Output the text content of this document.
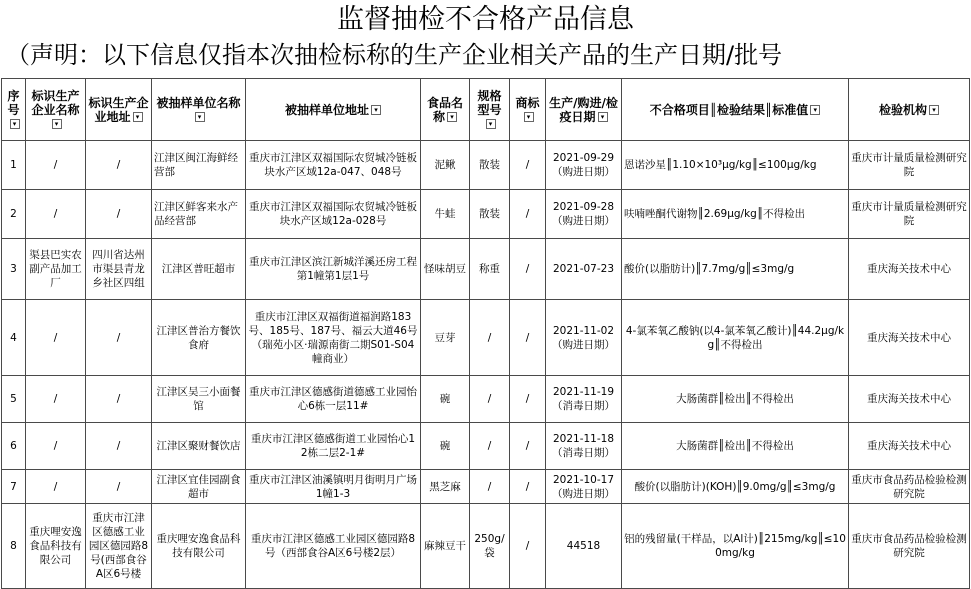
监督抽检不合格产品信息
（声明：以下信息仅指本次抽检标称的生产企业相关产品的生产日期/批号
序号▾	标识生产企业名称▾	标识生产企业地址 ▾	被抽样单位名称▾	被抽样单位地址 ▾	食品名称 ▾	规格型号▾	商标▾	生产/购进/检疫日期 ▾	不合格项目║检验结果║标准值 ▾	检验机构 ▾
1	/	/	江津区闽江海鲜经营部	重庆市江津区双福国际农贸城冷链板块水产区域12a-047、048号	泥鳅	散装	/	2021-09-29（购进日期）	恩诺沙星║1.10×10³μg/kg║≤100μg/kg	重庆市计量质量检测研究院
2	/	/	江津区鲜客来水产品经营部	重庆市江津区双福国际农贸城冷链板块水产区域12a-028号	牛蛙	散装	/	2021-09-28（购进日期）	呋喃唑酮代谢物║2.69μg/kg║不得检出	重庆市计量质量检测研究院
3	渠县巴实农副产品加工厂	四川省达州市渠县青龙乡社区四组	江津区普旺超市	重庆市江津区滨江新城洋溪还房工程第1幢第1层1号	怪味胡豆	称重	/	2021-07-23	酸价(以脂肪计)║7.7mg/g║≤3mg/g	重庆海关技术中心
4	/	/	江津区普治方餐饮食府	重庆市江津区双福街道福润路183号、185号、187号、福云大道46号（瑞苑小区·瑞源南街二期S01-S04幢商业）	豆芽	/	/	2021-11-02（购进日期）	4-氯苯氧乙酸钠(以4-氯苯氧乙酸计)║44.2μg/kg║不得检出	重庆海关技术中心
5	/	/	江津区吴三小面餐馆	重庆市江津区德感街道德感工业园怡心6栋一层11#	碗	/	/	2021-11-19（消毒日期）	大肠菌群║检出║不得检出	重庆海关技术中心
6	/	/	江津区聚财餐饮店	重庆市江津区德感街道工业园怡心12栋二层2-1#	碗	/	/	2021-11-18（消毒日期）	大肠菌群║检出║不得检出	重庆海关技术中心
7	/	/	江津区宜佳园副食超市	重庆市江津区油溪镇明月街明月广场1幢1-3	黑芝麻	/	/	2021-10-17（购进日期）	酸价(以脂肪计)(KOH)║9.0mg/g║≤3mg/g	重庆市食品药品检验检测研究院
8	重庆哩安逸食品科技有限公司	重庆市江津区德感工业园区德园路8号(西部食谷A区6号楼	重庆哩安逸食品科技有限公司	重庆市江津区德感工业园区德园路8号（西部食谷A区6号楼2层）	麻辣豆干	250g/袋	/	44518	铝的残留量(干样品，以Al计)║215mg/kg║≤100mg/kg	重庆市食品药品检验检测研究院
